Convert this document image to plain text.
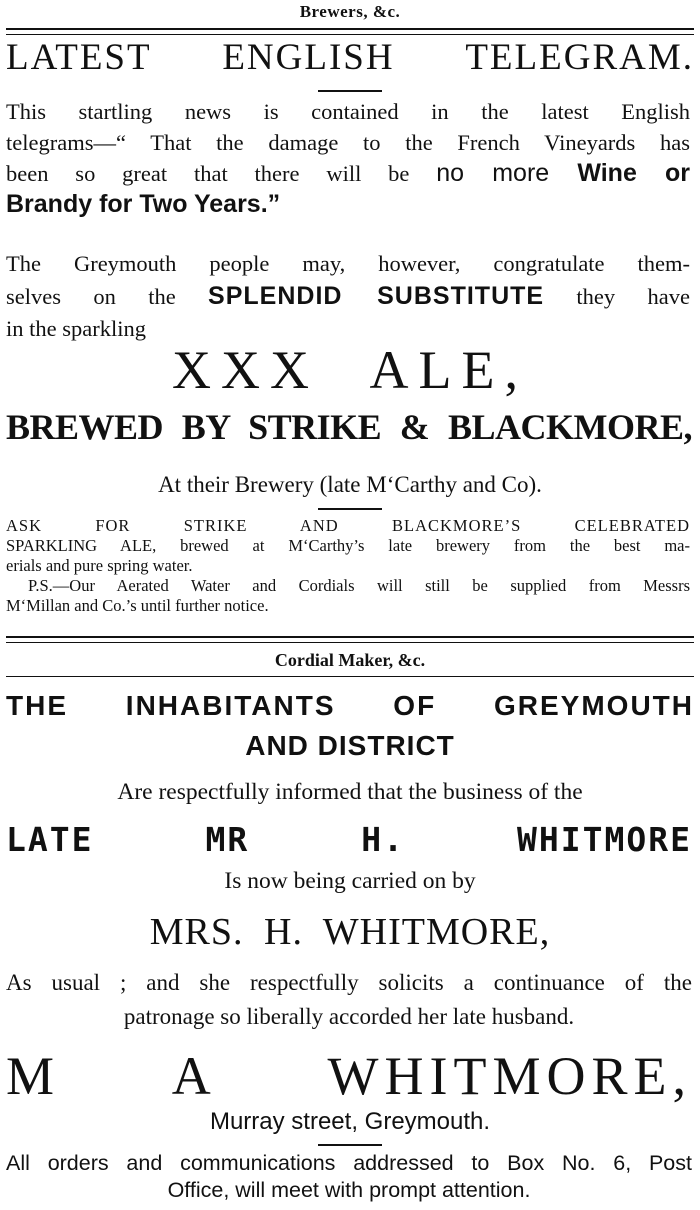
Brewers, &c.
LATEST ENGLISH TELEGRAM.
This startling news is contained in the latest English
telegrams—“ That the damage to the French Vineyards has
been so great that there will be no more Wine or
Brandy for Two Years.”
The Greymouth people may, however, congratulate them-
selves on the SPLENDID SUBSTITUTE they have
in the sparkling
XXX ALE,
BREWED BY STRIKE & BLACKMORE,
At their Brewery (late M‘Carthy and Co).

ASK FOR STRIKE AND BLACKMORE’S CELEBRATED

SPARKLING ALE, brewed at M‘Carthy’s late brewery from the best ma-

erials and pure spring water.

P.S.—Our Aerated Water and Cordials will still be supplied from Messrs

M‘Millan and Co.’s until further notice.

Cordial Maker, &c.
THE INHABITANTS OF GREYMOUTH
AND DISTRICT
Are respectfully informed that the business of the
LATE MR H. WHITMORE
Is now being carried on by
MRS. H. WHITMORE,
As usual ; and she respectfully solicits a continuance of the
patronage so liberally accorded her late husband.
M A WHITMORE,
Murray street, Greymouth.
All orders and communications addressed to Box No. 6, Post
Office, will meet with prompt attention.
